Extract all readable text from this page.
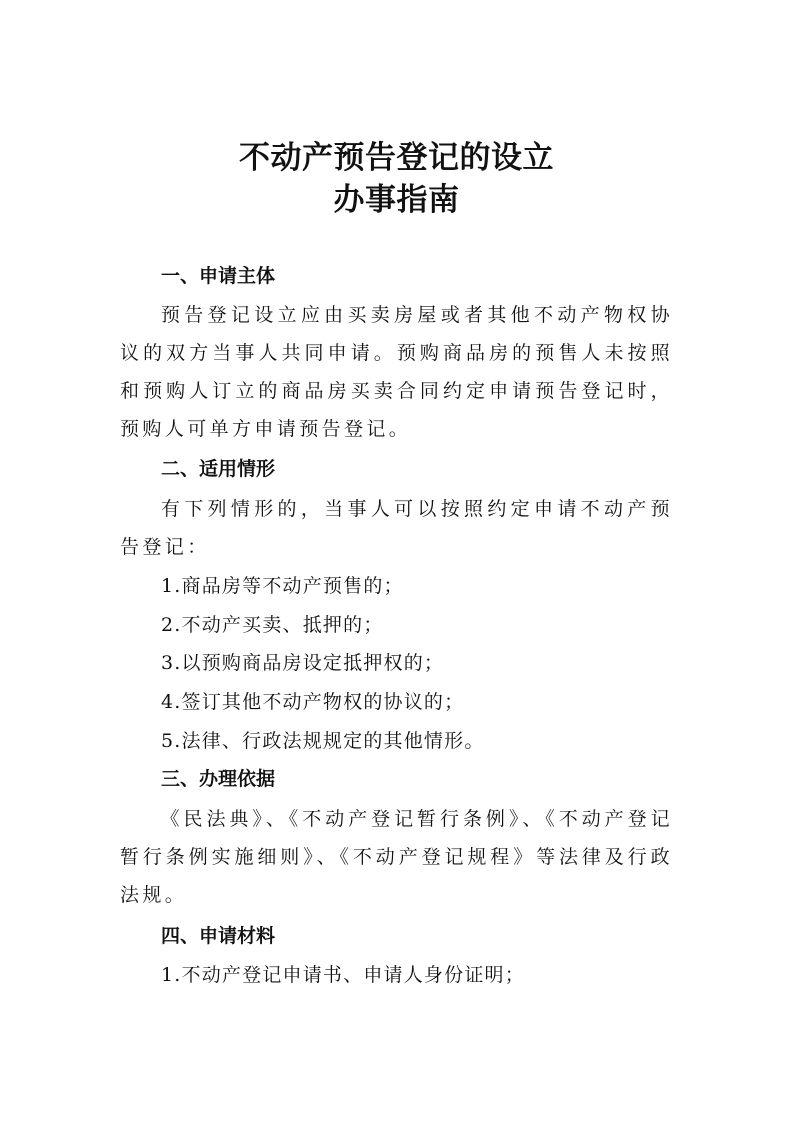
不动产预告登记的设立
办事指南
一、申请主体

预告登记设立应由买卖房屋或者其他不动产物权协议的双方当事人共同申请。预购商品房的预售人未按照和预购人订立的商品房买卖合同约定申请预告登记时，预购人可单方申请预告登记。

二、适用情形

有下列情形的，当事人可以按照约定申请不动产预告登记：

1.商品房等不动产预售的；

2.不动产买卖、抵押的；

3.以预购商品房设定抵押权的；

4.签订其他不动产物权的协议的；

5.法律、行政法规规定的其他情形。

三、办理依据

《民法典》、《不动产登记暂行条例》、《不动产登记暂行条例实施细则》、《不动产登记规程》等法律及行政法规。

四、申请材料

1.不动产登记申请书、申请人身份证明；
